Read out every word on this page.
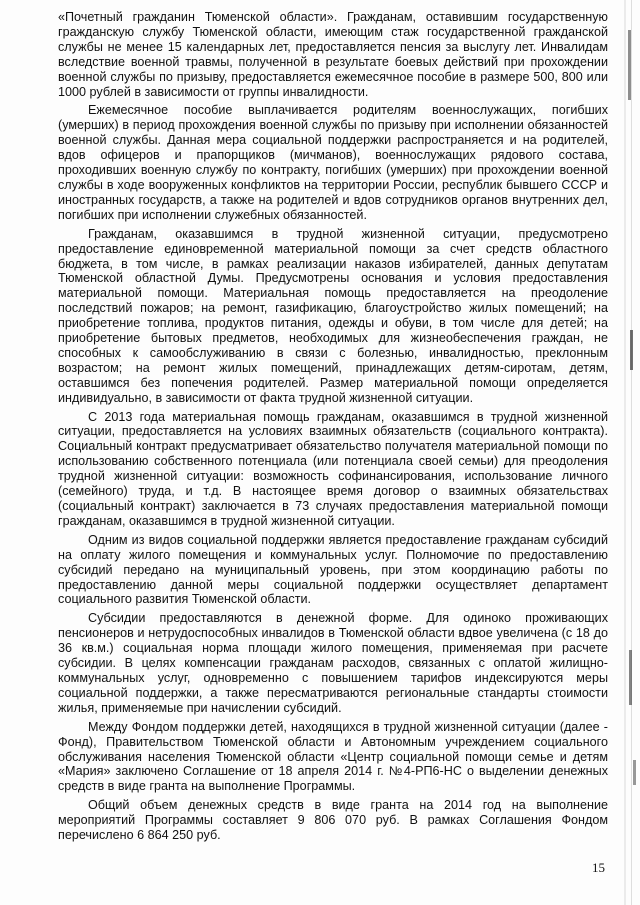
«Почетный гражданин Тюменской области». Гражданам, оставившим государственную гражданскую службу Тюменской области, имеющим стаж государственной гражданской службы не менее 15 календарных лет, предоставляется пенсия за выслугу лет. Инвалидам вследствие военной травмы, полученной в результате боевых действий при прохождении военной службы по призыву, предоставляется ежемесячное пособие в размере 500, 800 или 1000 рублей в зависимости от группы инвалидности.

Ежемесячное пособие выплачивается родителям военнослужащих, погибших (умерших) в период прохождения военной службы по призыву при исполнении обязанностей военной службы. Данная мера социальной поддержки распространяется и на родителей, вдов офицеров и прапорщиков (мичманов), военнослужащих рядового состава, проходивших военную службу по контракту, погибших (умерших) при прохождении военной службы в ходе вооруженных конфликтов на территории России, республик бывшего СССР и иностранных государств, а также на родителей и вдов сотрудников органов внутренних дел, погибших при исполнении служебных обязанностей.

Гражданам, оказавшимся в трудной жизненной ситуации, предусмотрено предоставление единовременной материальной помощи за счет средств областного бюджета, в том числе, в рамках реализации наказов избирателей, данных депутатам Тюменской областной Думы. Предусмотрены основания и условия предоставления материальной помощи. Материальная помощь предоставляется на преодоление последствий пожаров; на ремонт, газификацию, благоустройство жилых помещений; на приобретение топлива, продуктов питания, одежды и обуви, в том числе для детей; на приобретение бытовых предметов, необходимых для жизнеобеспечения граждан, не способных к самообслуживанию в связи с болезнью, инвалидностью, преклонным возрастом; на ремонт жилых помещений, принадлежащих детям-сиротам, детям, оставшимся без попечения родителей. Размер материальной помощи определяется индивидуально, в зависимости от факта трудной жизненной ситуации.

С 2013 года материальная помощь гражданам, оказавшимся в трудной жизненной ситуации, предоставляется на условиях взаимных обязательств (социального контракта). Социальный контракт предусматривает обязательство получателя материальной помощи по использованию собственного потенциала (или потенциала своей семьи) для преодоления трудной жизненной ситуации: возможность софинансирования, использование личного (семейного) труда, и т.д. В настоящее время договор о взаимных обязательствах (социальный контракт) заключается в 73 случаях предоставления материальной помощи гражданам, оказавшимся в трудной жизненной ситуации.

Одним из видов социальной поддержки является предоставление гражданам субсидий на оплату жилого помещения и коммунальных услуг. Полномочие по предоставлению субсидий передано на муниципальный уровень, при этом координацию работы по предоставлению данной меры социальной поддержки осуществляет департамент социального развития Тюменской области.

Субсидии предоставляются в денежной форме. Для одиноко проживающих пенсионеров и нетрудоспособных инвалидов в Тюменской области вдвое увеличена (с 18 до 36 кв.м.) социальная норма площади жилого помещения, применяемая при расчете субсидии. В целях компенсации гражданам расходов, связанных с оплатой жилищно-коммунальных услуг, одновременно с повышением тарифов индексируются меры социальной поддержки, а также пересматриваются региональные стандарты стоимости жилья, применяемые при начислении субсидий.

Между Фондом поддержки детей, находящихся в трудной жизненной ситуации (далее - Фонд), Правительством Тюменской области и Автономным учреждением социального обслуживания населения Тюменской области «Центр социальной помощи семье и детям «Мария» заключено Соглашение от 18 апреля 2014 г. №4-РП6-НС о выделении денежных средств в виде гранта на выполнение Программы.

Общий объем денежных средств в виде гранта на 2014 год на выполнение мероприятий Программы составляет 9 806 070 руб. В рамках Соглашения Фондом перечислено 6 864 250 руб.

15
